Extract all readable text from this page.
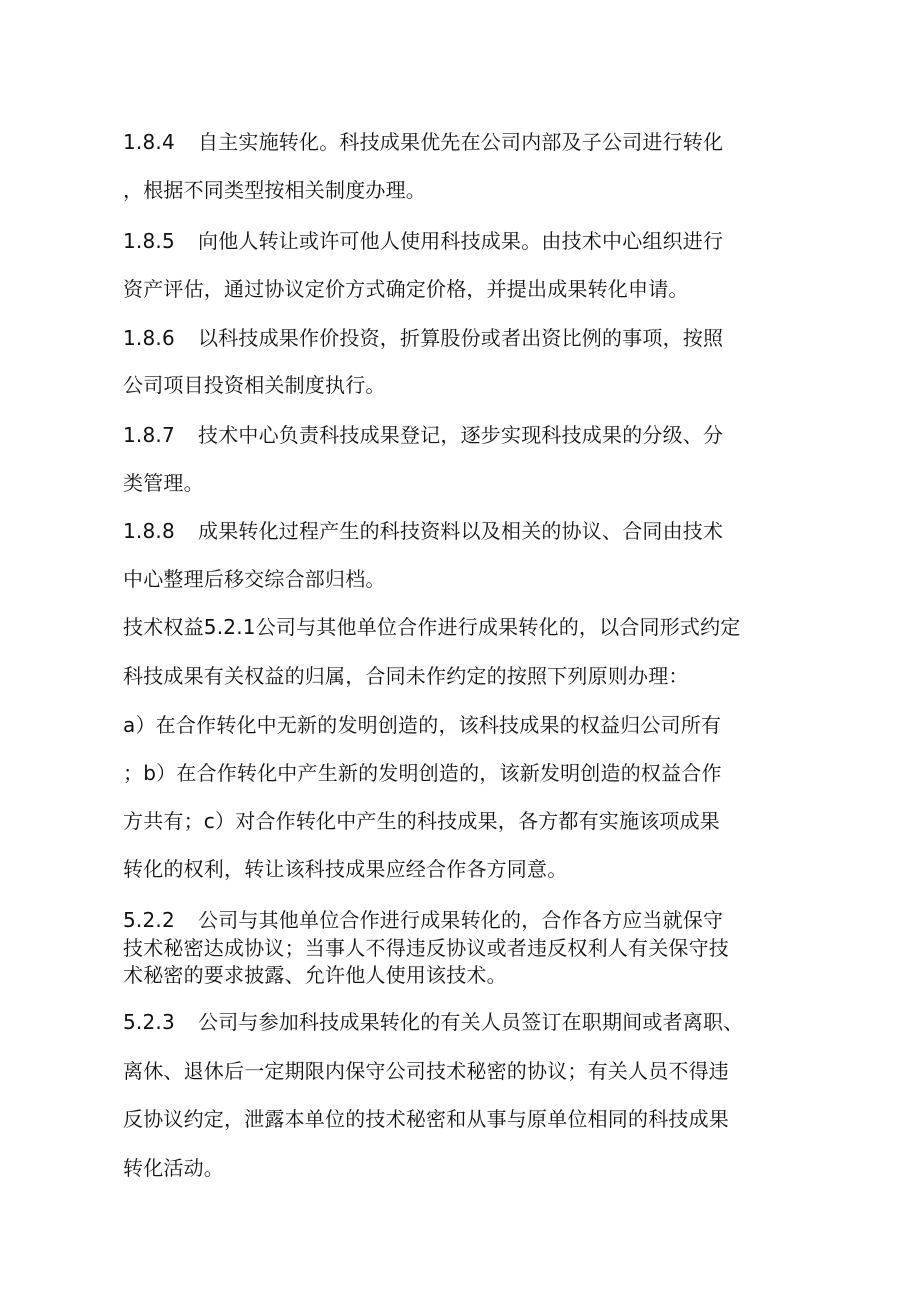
1.8.4 自主实施转化。科技成果优先在公司内部及子公司进行转化
，根据不同类型按相关制度办理。
1.8.5 向他人转让或许可他人使用科技成果。由技术中心组织进行
资产评估，通过协议定价方式确定价格，并提出成果转化申请。
1.8.6 以科技成果作价投资，折算股份或者出资比例的事项，按照
公司项目投资相关制度执行。
1.8.7 技术中心负责科技成果登记，逐步实现科技成果的分级、分
类管理。
1.8.8 成果转化过程产生的科技资料以及相关的协议、合同由技术
中心整理后移交综合部归档。
技术权益5.2.1公司与其他单位合作进行成果转化的，以合同形式约定
科技成果有关权益的归属，合同未作约定的按照下列原则办理：
a）在合作转化中无新的发明创造的，该科技成果的权益归公司所有
；b）在合作转化中产生新的发明创造的，该新发明创造的权益合作
方共有；c）对合作转化中产生的科技成果，各方都有实施该项成果
转化的权利，转让该科技成果应经合作各方同意。
5.2.2 公司与其他单位合作进行成果转化的，合作各方应当就保守
技术秘密达成协议；当事人不得违反协议或者违反权利人有关保守技
术秘密的要求披露、允许他人使用该技术。
5.2.3 公司与参加科技成果转化的有关人员签订在职期间或者离职、
离休、退休后一定期限内保守公司技术秘密的协议；有关人员不得违
反协议约定，泄露本单位的技术秘密和从事与原单位相同的科技成果
转化活动。
